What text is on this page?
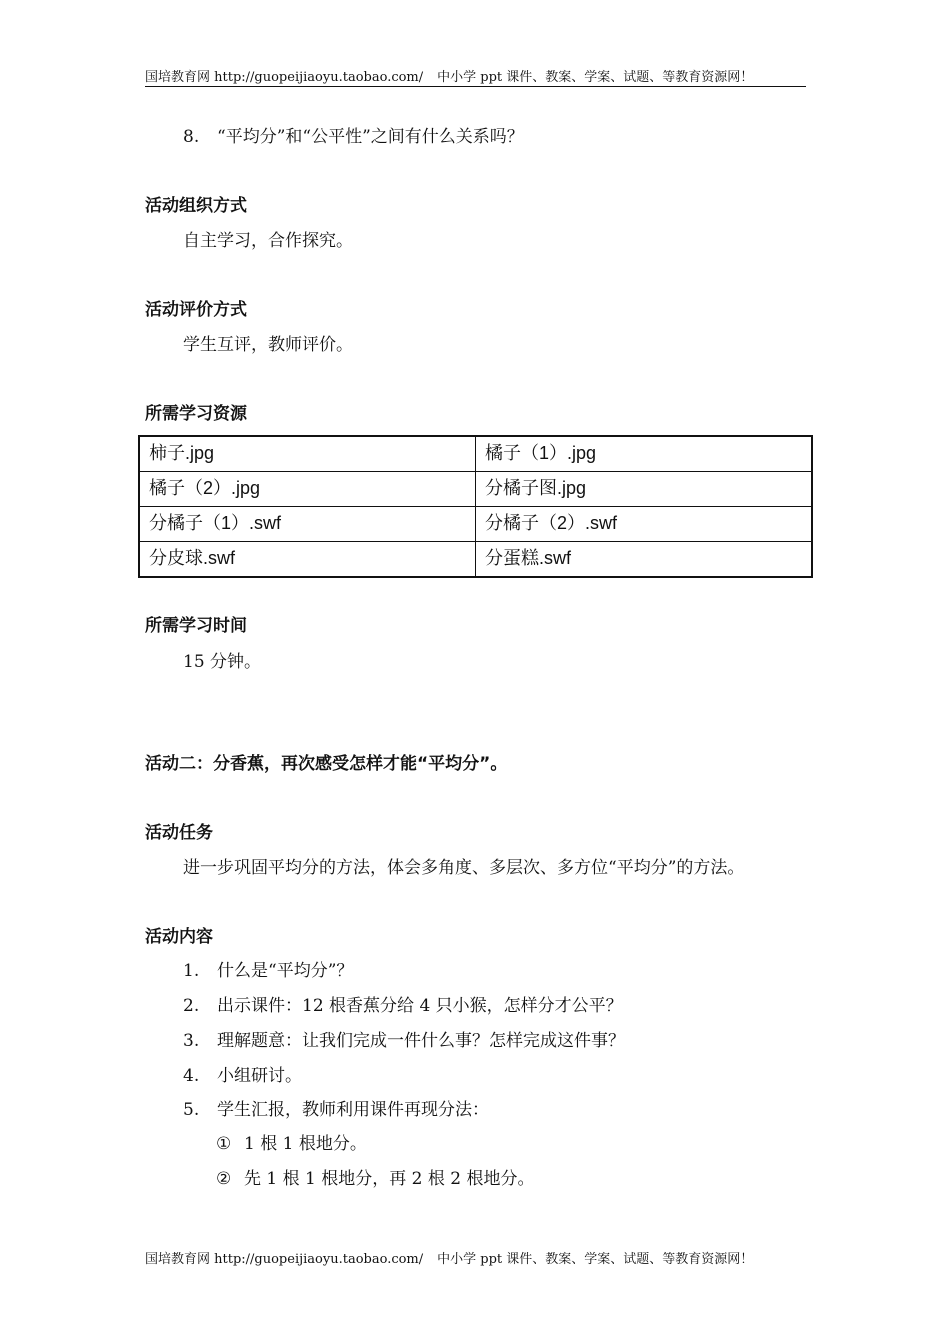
国培教育网 http://guopeijiaoyu.taobao.com/ 中小学 ppt 课件、教案、学案、试题、等教育资源网！
8. “平均分”和“公平性”之间有什么关系吗？
活动组织方式
自主学习，合作探究。
活动评价方式
学生互评，教师评价。
所需学习资源
柿子.jpg	橘子（1）.jpg
橘子（2）.jpg	分橘子图.jpg
分橘子（1）.swf	分橘子（2）.swf
分皮球.swf	分蛋糕.swf
所需学习时间
15 分钟。
活动二：分香蕉，再次感受怎样才能“平均分”。
活动任务
进一步巩固平均分的方法，体会多角度、多层次、多方位“平均分”的方法。
活动内容
1. 什么是“平均分”？
2. 出示课件：12 根香蕉分给 4 只小猴，怎样分才公平？
3. 理解题意：让我们完成一件什么事？怎样完成这件事？
4. 小组研讨。
5. 学生汇报，教师利用课件再现分法：
① 1 根 1 根地分。
② 先 1 根 1 根地分，再 2 根 2 根地分。
国培教育网 http://guopeijiaoyu.taobao.com/ 中小学 ppt 课件、教案、学案、试题、等教育资源网！
